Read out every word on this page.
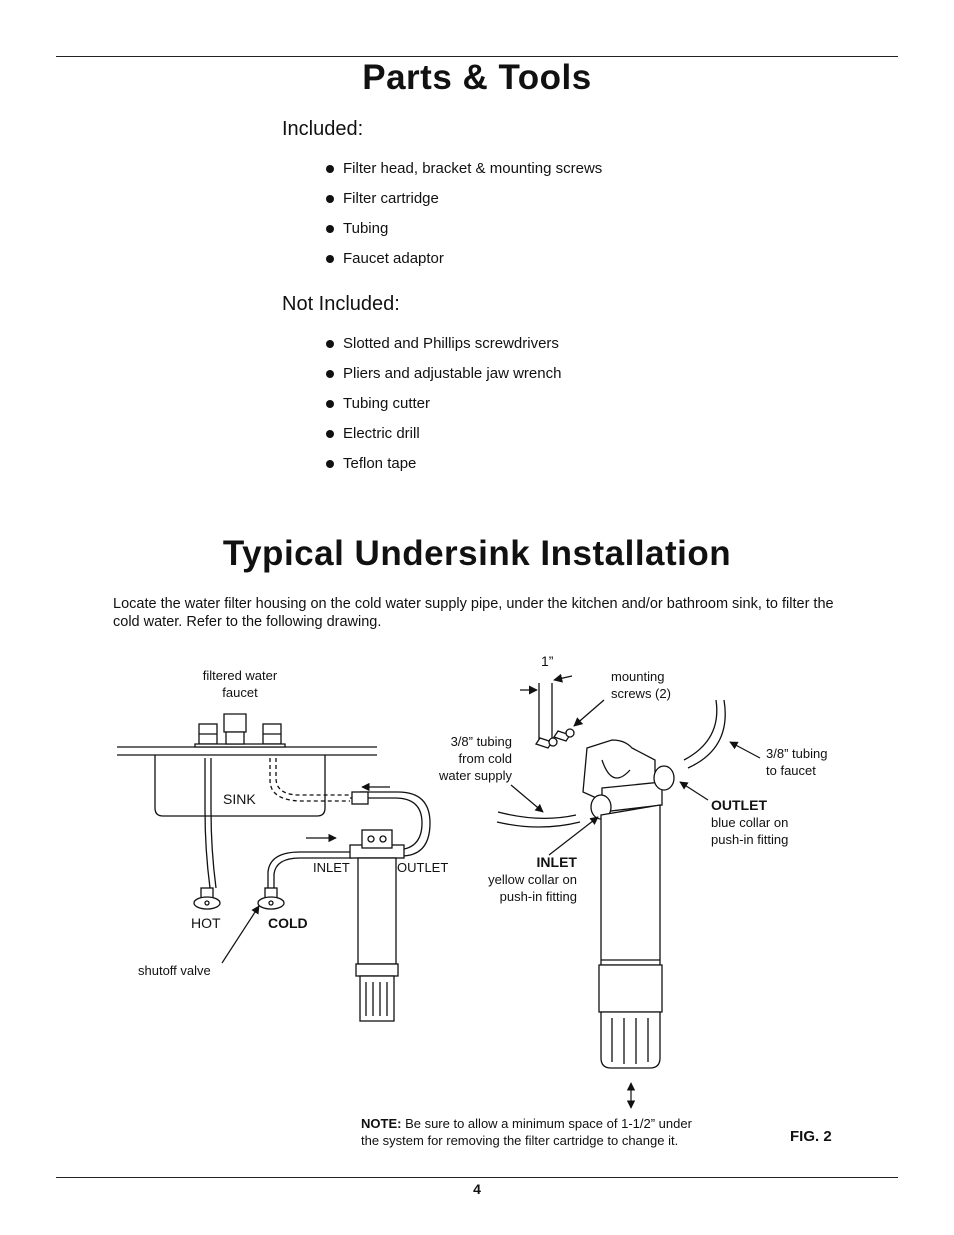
Parts & Tools
Included:
Filter head, bracket & mounting screws
Filter cartridge
Tubing
Faucet adaptor
Not Included:
Slotted and Phillips screwdrivers
Pliers and adjustable jaw wrench
Tubing cutter
Electric drill
Teflon tape
Typical Undersink Installation
Locate the water filter housing on the cold water supply pipe, under the kitchen and/or bathroom sink, to filter the cold water. Refer to the following drawing.
filtered water
faucet
SINK
INLET	OUTLET
HOT	COLD
shutoff valve
1”
mounting
screws (2)
3/8” tubing
from cold
water supply
3/8” tubing
to faucet
OUTLET
blue collar on
push-in fitting
INLET
yellow collar on
push-in fitting
NOTE: Be sure to allow a minimum space of 1-1/2” under
the system for removing the filter cartridge to change it.	FIG. 2
4
